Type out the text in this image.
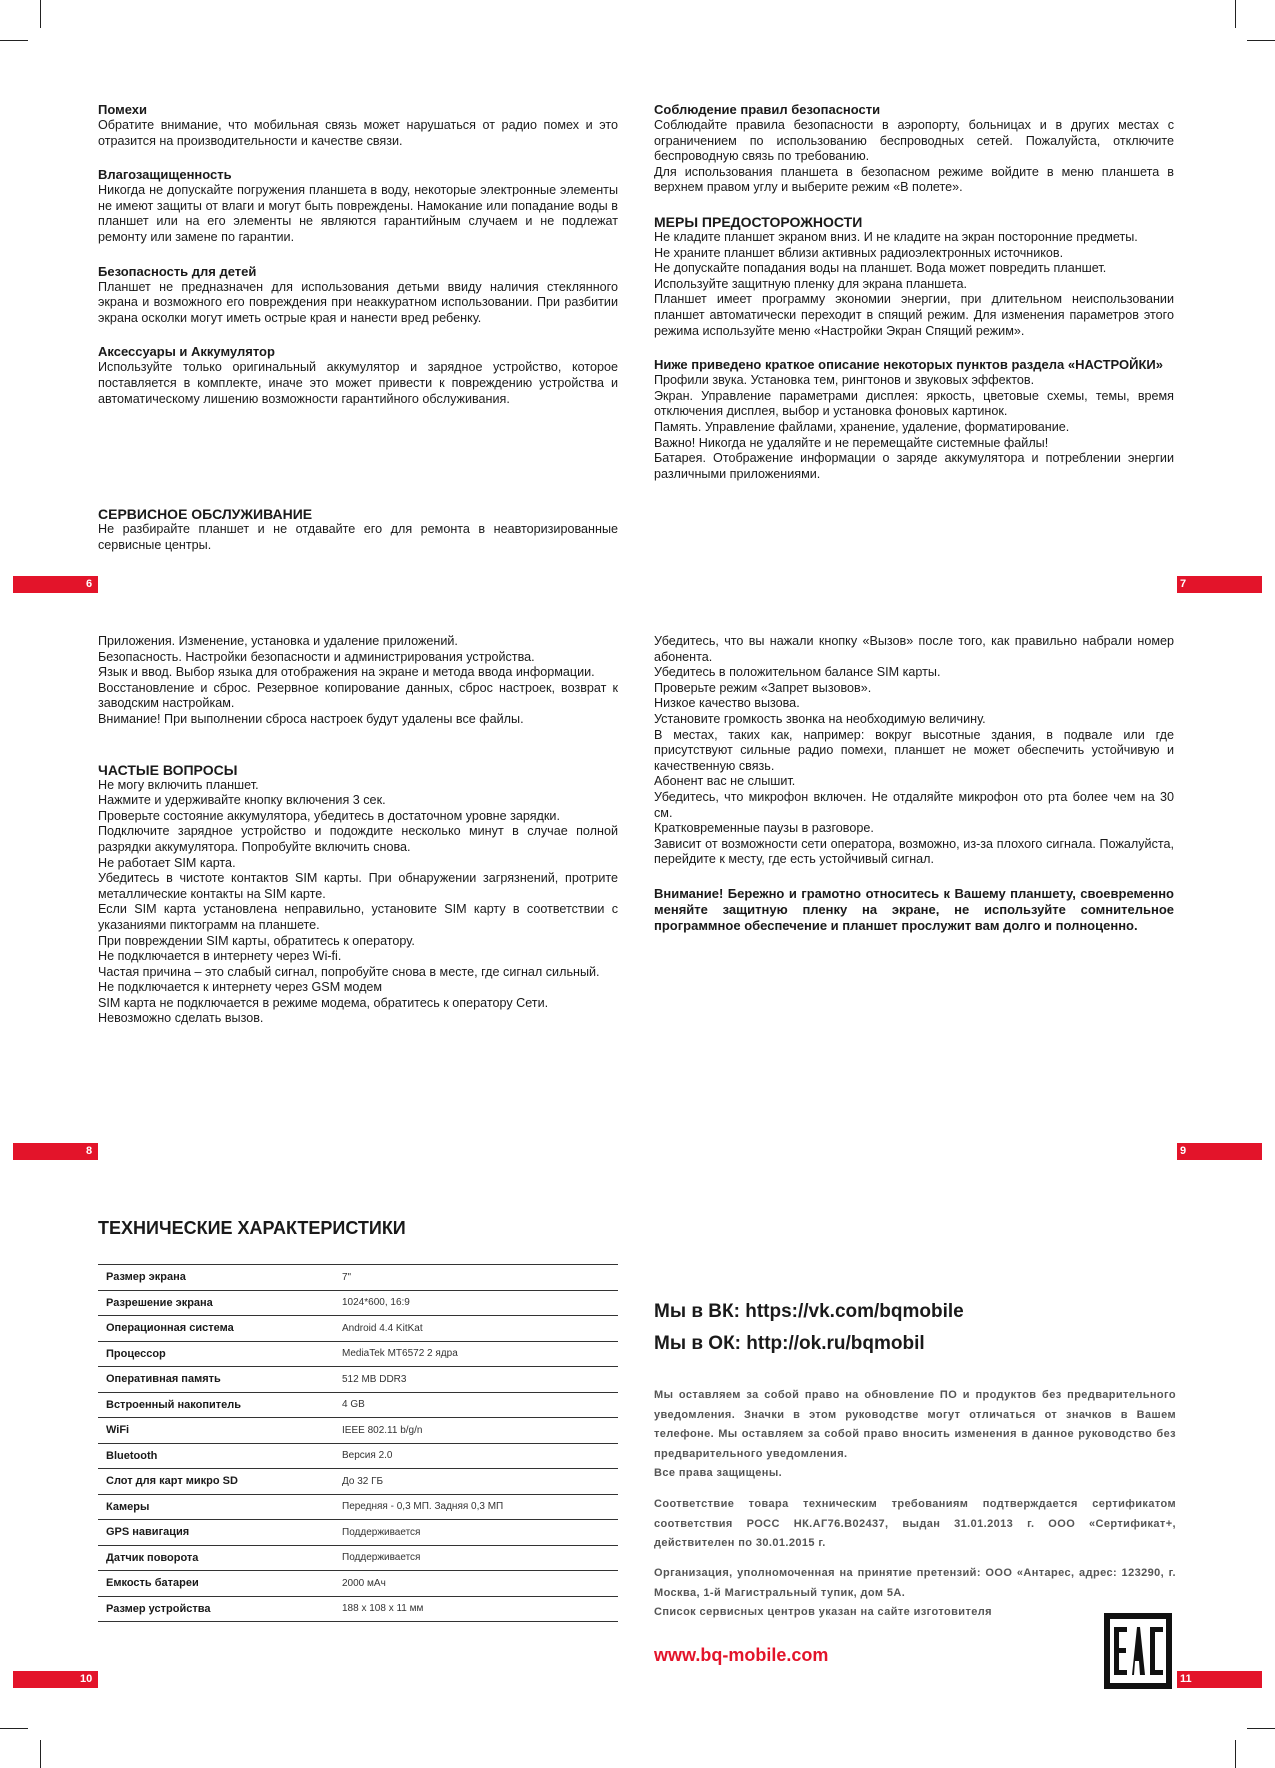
Помехи

Обратите внимание, что мобильная связь может нарушаться от радио помех и это отразится на производительности и качестве связи.

Влагозащищенность

Никогда не допускайте погружения планшета в воду, некоторые электронные элементы не имеют защиты от влаги и могут быть повреждены. Намокание или попадание воды в планшет или на его элементы не являются гарантийным случаем и не подлежат ремонту или замене по гарантии.

Безопасность для детей

Планшет не предназначен для использования детьми ввиду наличия стеклянного экрана и возможного его повреждения при неаккуратном использовании. При разбитии экрана осколки могут иметь острые края и нанести вред ребенку.

Аксессуары и Аккумулятор

Используйте только оригинальный аккумулятор и зарядное устройство, которое поставляется в комплекте, иначе это может привести к повреждению устройства и автоматическому лишению возможности гарантийного обслуживания.

СЕРВИСНОЕ ОБСЛУЖИВАНИЕ

Не разбирайте планшет и не отдавайте его для ремонта в неавторизированные сервисные центры.

6

Соблюдение правил безопасности

Соблюдайте правила безопасности в аэропорту, больницах и в других местах с ограничением по использованию беспроводных сетей. Пожалуйста, отключите беспроводную связь по требованию.

Для использования планшета в безопасном режиме войдите в меню планшета в верхнем правом углу и выберите режим «В полете».

МЕРЫ ПРЕДОСТОРОЖНОСТИ

Не кладите планшет экраном вниз. И не кладите на экран посторонние предметы.

Не храните планшет вблизи активных радиоэлектронных источников.

Не допускайте попадания воды на планшет. Вода может повредить планшет.

Используйте защитную пленку для экрана планшета.

Планшет имеет программу экономии энергии, при длительном неиспользовании планшет автоматически переходит в спящий режим. Для изменения параметров этого режима используйте меню «Настройки Экран Спящий режим».

Ниже приведено краткое описание некоторых пунктов раздела «НАСТРОЙКИ»

Профили звука. Установка тем, рингтонов и звуковых эффектов.

Экран. Управление параметрами дисплея: яркость, цветовые схемы, темы, время отключения дисплея, выбор и установка фоновых картинок.

Память. Управление файлами, хранение, удаление, форматирование.

Важно! Никогда не удаляйте и не перемещайте системные файлы!

Батарея. Отображение информации о заряде аккумулятора и потреблении энергии различными приложениями.

7

Приложения. Изменение, установка и удаление приложений.

Безопасность. Настройки безопасности и администрирования устройства.

Язык и ввод. Выбор языка для отображения на экране и метода ввода информации.

Восстановление и сброс. Резервное копирование данных, сброс настроек, возврат к заводским настройкам.

Внимание! При выполнении сброса настроек будут удалены все файлы.

ЧАСТЫЕ ВОПРОСЫ

Не могу включить планшет.

Нажмите и удерживайте кнопку включения 3 сек.

Проверьте состояние аккумулятора, убедитесь в достаточном уровне зарядки.

Подключите зарядное устройство и подождите несколько минут в случае полной разрядки аккумулятора. Попробуйте включить снова.

Не работает SIM карта.

Убедитесь в чистоте контактов SIM карты. При обнаружении загрязнений, протрите металлические контакты на SIM карте.

Если SIM карта установлена неправильно, установите SIM карту в соответствии с указаниями пиктограмм на планшете.

При повреждении SIM карты, обратитесь к оператору.

Не подключается в интернету через Wi-fi.

Частая причина – это слабый сигнал, попробуйте снова в месте, где сигнал сильный.

Не подключается к интернету через GSM модем

SIM карта не подключается в режиме модема, обратитесь к оператору Сети.

Невозможно сделать вызов.

8

Убедитесь, что вы нажали кнопку «Вызов» после того, как правильно набрали номер абонента.

Убедитесь в положительном балансе SIM карты.

Проверьте режим «Запрет вызовов».

Низкое качество вызова.

Установите громкость звонка на необходимую величину.

В местах, таких как, например: вокруг высотные здания, в подвале или где присутствуют сильные радио помехи, планшет не может обеспечить устойчивую и качественную связь.

Абонент вас не слышит.

Убедитесь, что микрофон включен. Не отдаляйте микрофон ото рта более чем на 30 см.

Кратковременные паузы в разговоре.

Зависит от возможности сети оператора, возможно, из-за плохого сигнала. Пожалуйста, перейдите к месту, где есть устойчивый сигнал.

Внимание! Бережно и грамотно относитесь к Вашему планшету, своевременно меняйте защитную пленку на экране, не используйте сомнительное программное обеспечение и планшет прослужит вам долго и полноценно.

9

ТЕХНИЧЕСКИЕ ХАРАКТЕРИСТИКИ

Размер экрана	7"
Разрешение экрана	1024*600, 16:9
Операционная система	Android 4.4 KitKat
Процессор	MediaTek MT6572 2 ядра
Оперативная память	512 MB DDR3
Встроенный накопитель	4 GB
WiFi	IEEE 802.11 b/g/n
Bluetooth	Версия 2.0
Слот для карт микро SD	До 32 ГБ
Камеры	Передняя - 0,3 МП. Задняя 0,3 МП
GPS навигация	Поддерживается
Датчик поворота	Поддерживается
Емкость батареи	2000 мАч
Размер устройства	188 x 108 x 11 мм
10
Мы в ВК: https://vk.com/bqmobile
Мы в ОК: http://ok.ru/bqmobil

Мы оставляем за собой право на обновление ПО и продуктов без предварительного уведомления. Значки в этом руководстве могут отличаться от значков в Вашем телефоне. Мы оставляем за собой право вносить изменения в данное руководство без предварительного уведомления.

Все права защищены.

Соответствие товара техническим требованиям подтверждается сертификатом соответствия РОСС НК.АГ76.В02437, выдан 31.01.2013 г. ООО «Сертификат+, действителен по 30.01.2015 г.

Организация, уполномоченная на принятие претензий: ООО «Антарес, адрес: 123290, г. Москва, 1-й Магистральный тупик, дом 5А.

Список сервисных центров указан на сайте изготовителя

www.bq-mobile.com
11
